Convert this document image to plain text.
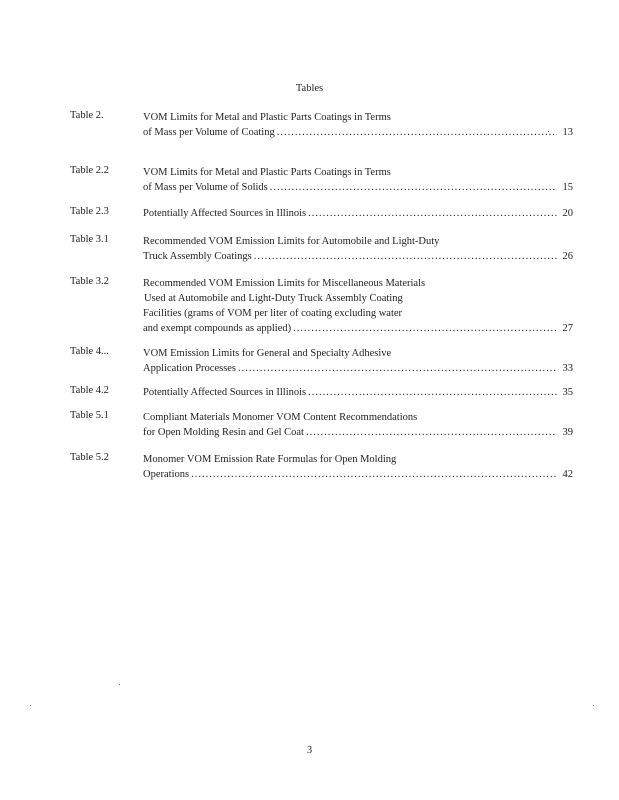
Tables
Table 2.	VOM Limits for Metal and Plastic Parts Coatings in Terms
of Mass per Volume of Coating .....	13
Table 2.2	VOM Limits for Metal and Plastic Parts Coatings in Terms
of Mass per Volume of Solids .....	15
Table 2.3	Potentially Affected Sources in Illinois .....	20
Table 3.1	Recommended VOM Emission Limits for Automobile and Light-Duty
Truck Assembly Coatings .....	26
Table 3.2	Recommended VOM Emission Limits for Miscellaneous Materials
Used at Automobile and Light-Duty Truck Assembly Coating
Facilities (grams of VOM per liter of coating excluding water
and exempt compounds as applied) .....	27
Table 4...	VOM Emission Limits for General and Specialty Adhesive
Application Processes .....	33
Table 4.2	Potentially Affected Sources in Illinois .....	35
Table 5.1	Compliant Materials Monomer VOM Content Recommendations
for Open Molding Resin and Gel Coat .....	39
Table 5.2	Monomer VOM Emission Rate Formulas for Open Molding
Operations .....	42
3
